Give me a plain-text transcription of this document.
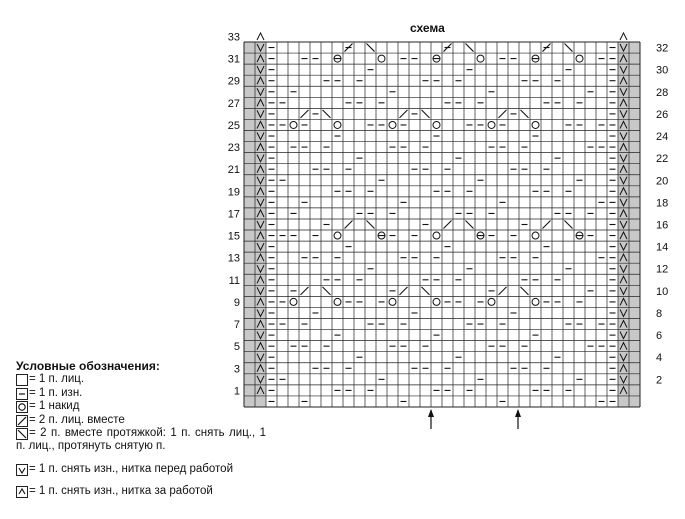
схема
33
31
29
27
25
23
21
19
17
15
13
11
9
7
5
3
1
32
30
28
26
24
22
20
18
16
14
12
10
8
6
4
2
Условные обозначения:
= 1 п. лиц.
= 1 п. изн.
= 1 накид
= 2 п. лиц. вместе
= 2 п. вместе протяжкой: 1 п. снять лиц., 1 п. лиц., протянуть снятую п.
= 1 п. снять изн., нитка перед работой
= 1 п. снять изн., нитка за работой
